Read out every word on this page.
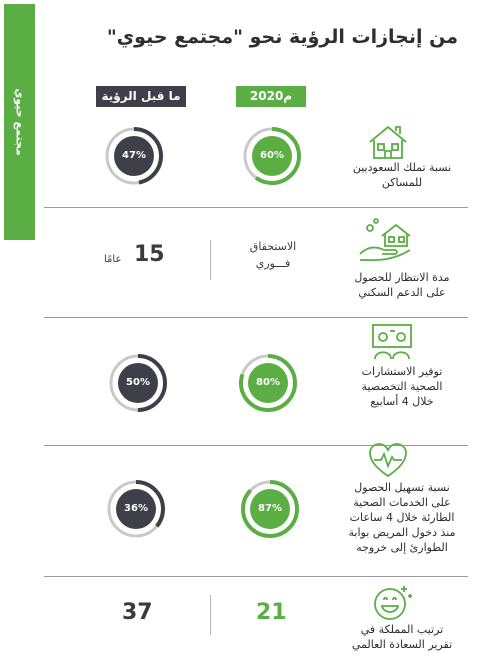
مجتمع حيوي
من إنجازات الرؤية نحو "مجتمع حيوي"
2020م
ما قبل الرؤية
نسبة تملك السعوديين
للمساكن
60%
47%
مدة الانتظار للحصول
على الدعم السكني
الاستحقاق
فـــوري
15
عامًا
توفير الاستشارات
الصحية التخصصية
خلال 4 أسابيع
80%
50%
نسبة تسهيل الحصول
على الخدمات الصحية
الطارئة خلال 4 ساعات
منذ دخول المريض بوابة
الطوارئ إلى خروجه
87%
36%
ترتيب المملكة في
تقرير السعادة العالمي
21
37
